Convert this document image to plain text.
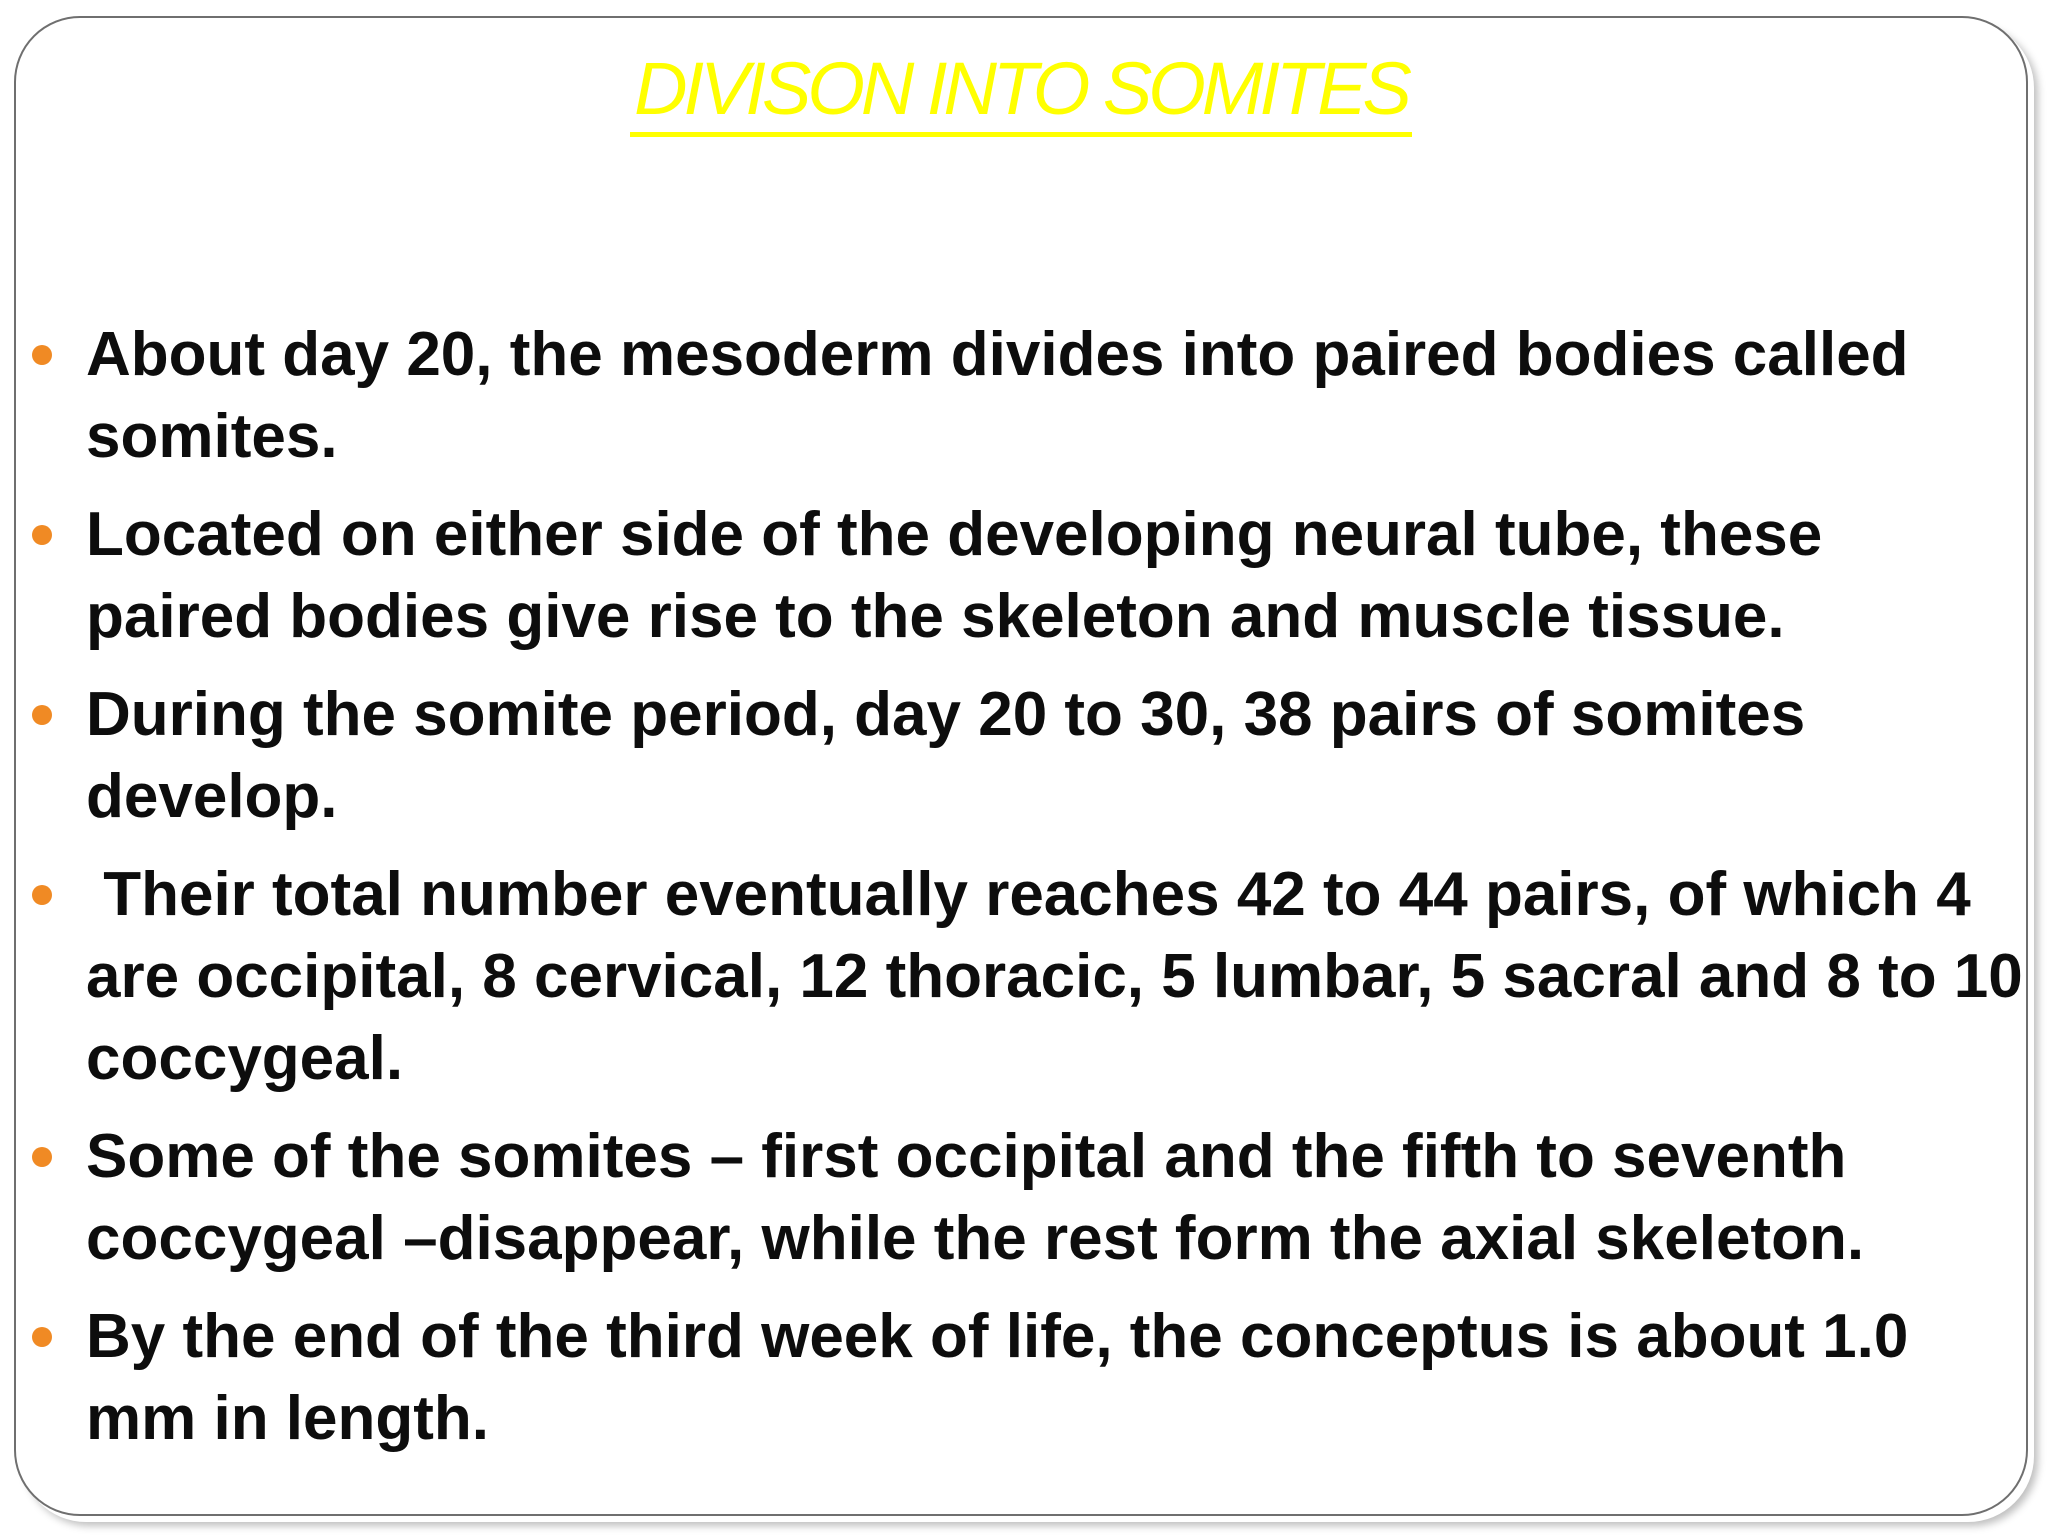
DIVISON INTO SOMITES
About day 20, the mesoderm divides into paired bodies called somites.
Located on either side of the developing neural tube, these paired bodies give rise to the skeleton and muscle tissue.
During the somite period, day 20 to 30, 38 pairs of somites develop.
Their total number eventually reaches 42 to 44 pairs, of which 4 are occipital, 8 cervical, 12 thoracic, 5 lumbar, 5 sacral and 8 to 10 coccygeal.
Some of the somites – first occipital and the fifth to seventh coccygeal –disappear, while the rest form the axial skeleton.
By the end of the third week of life, the conceptus is about 1.0 mm in length.
